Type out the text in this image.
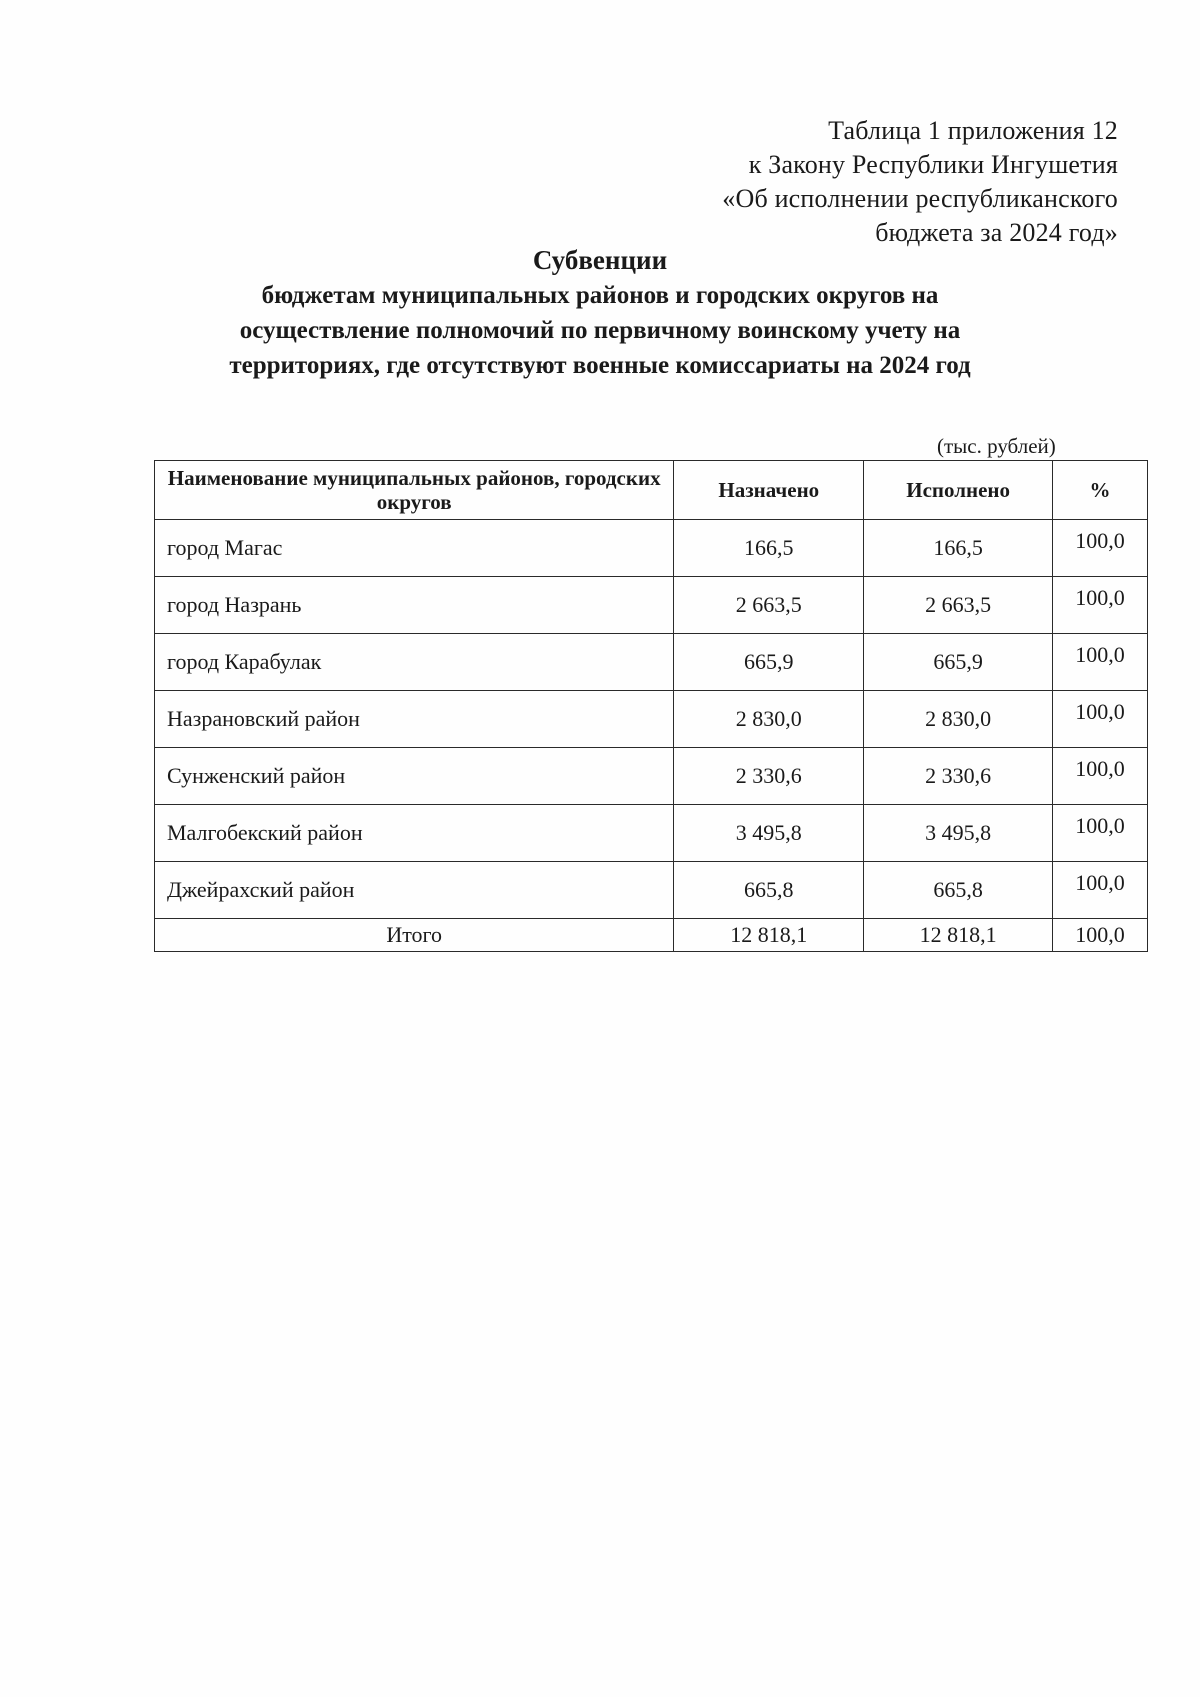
Таблица 1 приложения 12
к Закону Республики Ингушетия
«Об исполнении республиканского
бюджета за 2024 год»
Субвенции
бюджетам муниципальных районов и городских округов на
осуществление полномочий по первичному воинскому учету на
территориях, где отсутствуют военные комиссариаты на 2024 год
(тыс. рублей)
Наименование муниципальных районов, городских округов	Назначено	Исполнено	%
город Магас	166,5	166,5	100,0
город Назрань	2 663,5	2 663,5	100,0
город Карабулак	665,9	665,9	100,0
Назрановский район	2 830,0	2 830,0	100,0
Сунженский район	2 330,6	2 330,6	100,0
Малгобекский район	3 495,8	3 495,8	100,0
Джейрахский район	665,8	665,8	100,0
Итого	12 818,1	12 818,1	100,0
